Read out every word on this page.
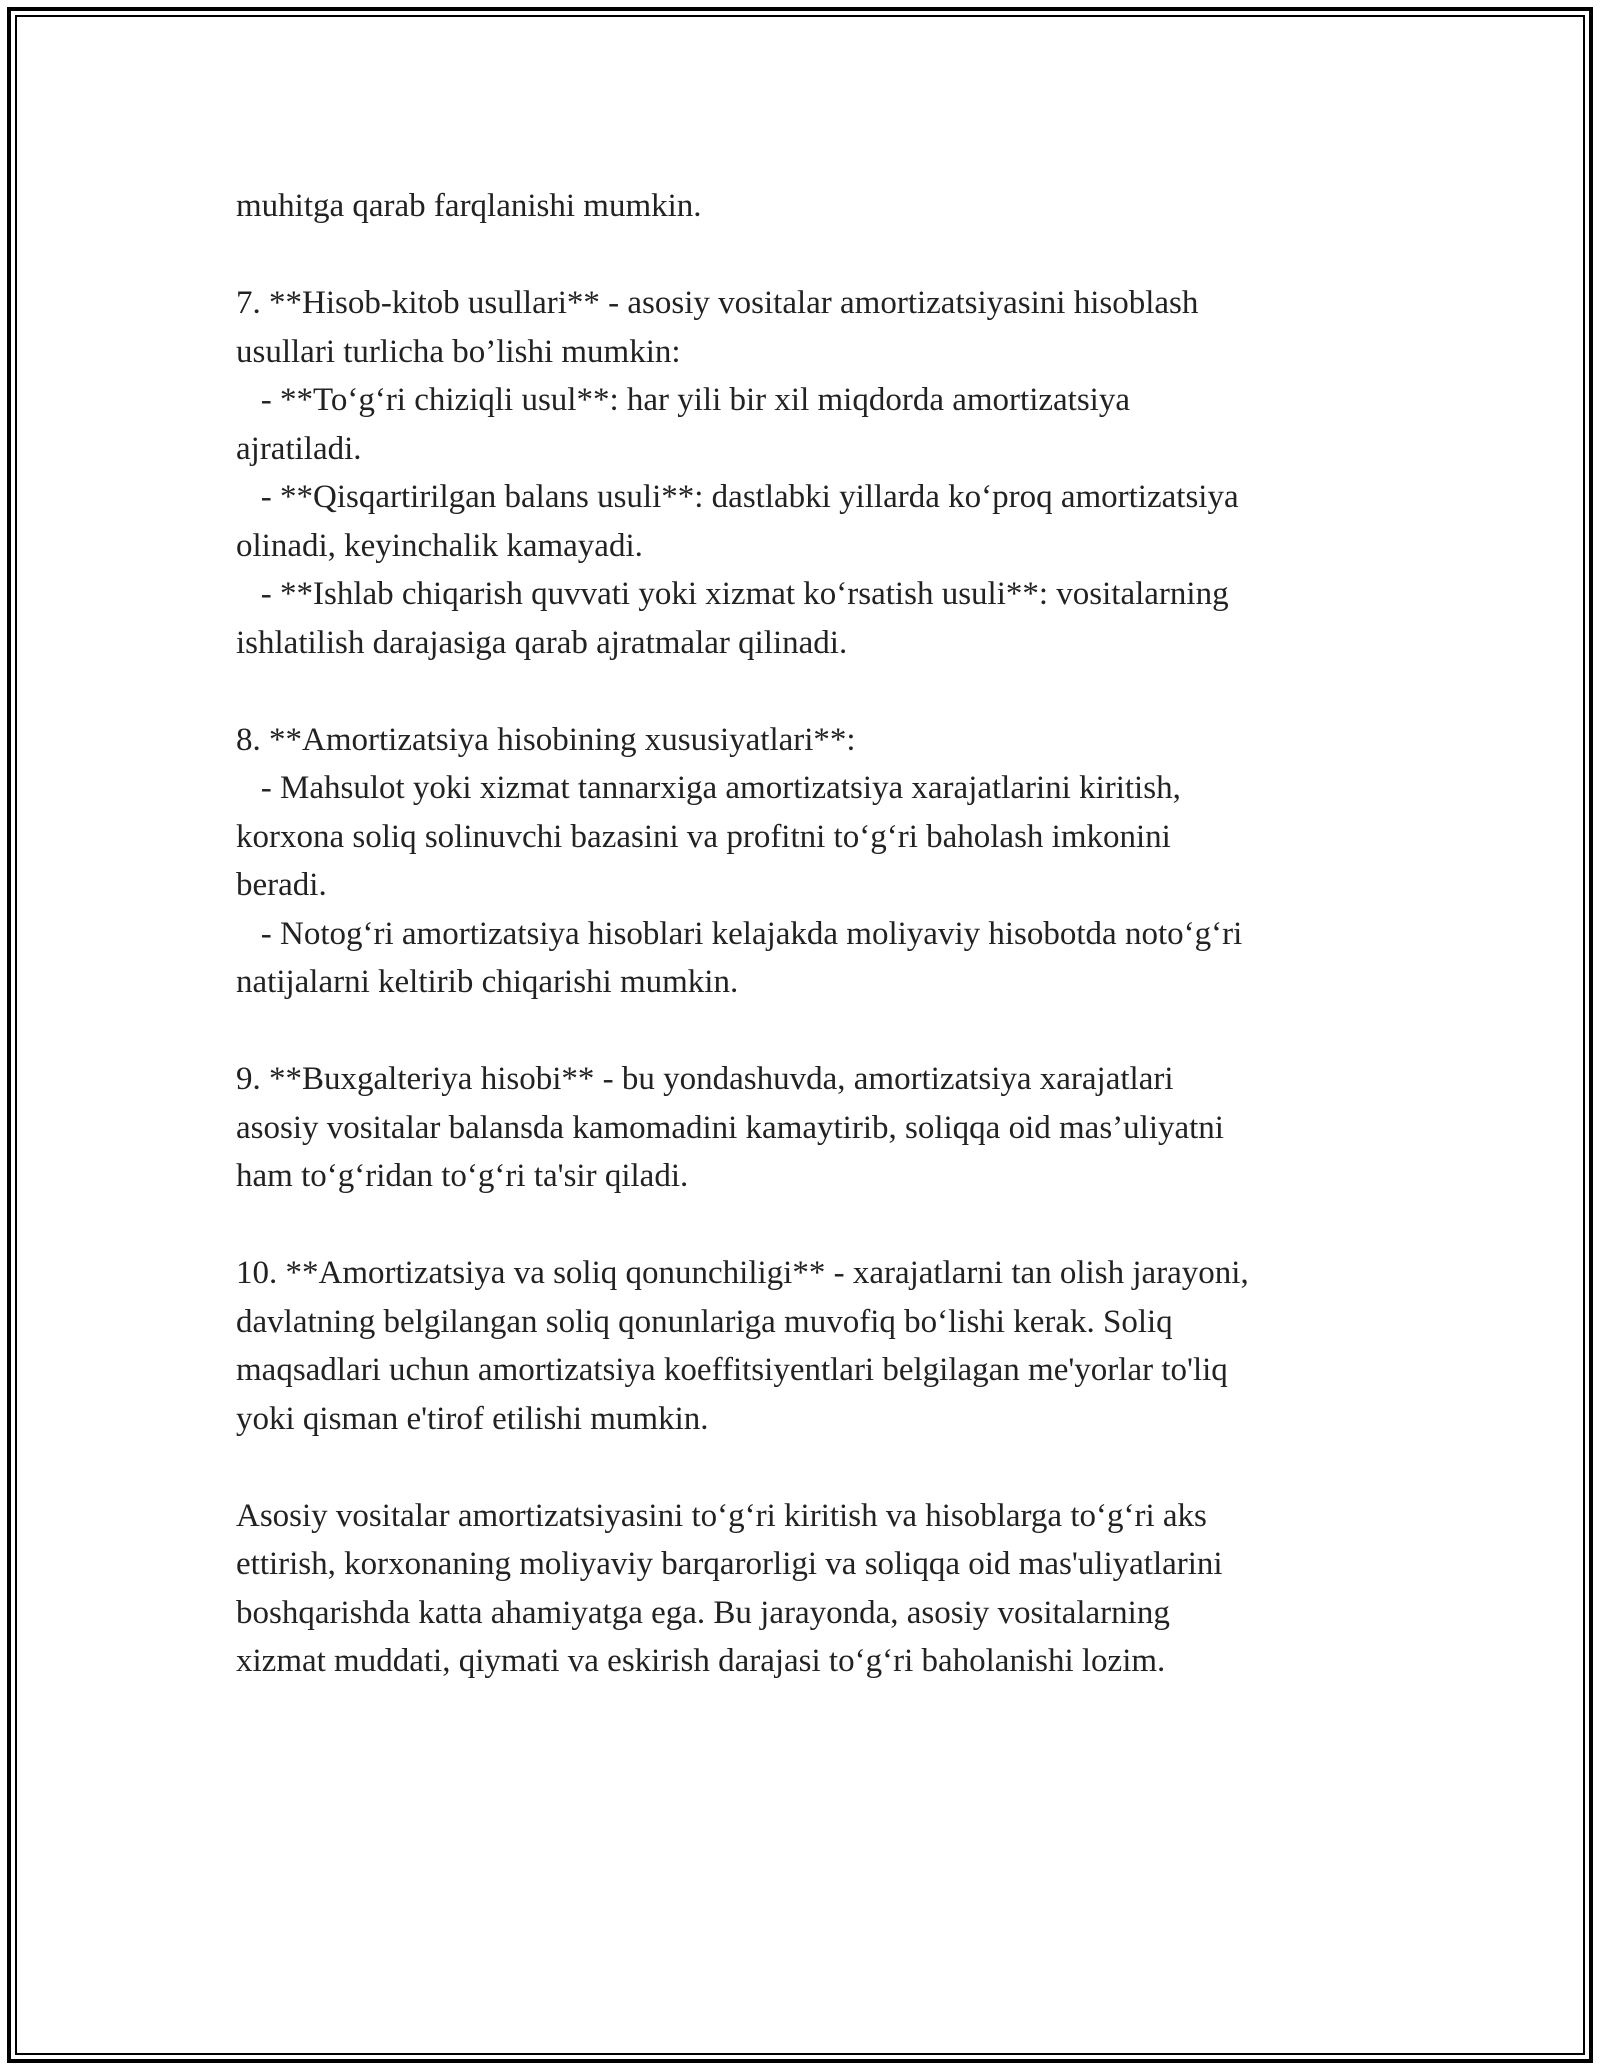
muhitga qarab farqlanishi mumkin.
7. **Hisob-kitob usullari** - asosiy vositalar amortizatsiyasini hisoblash
usullari turlicha bo’lishi mumkin:
- **To‘g‘ri chiziqli usul**: har yili bir xil miqdorda amortizatsiya
ajratiladi.
- **Qisqartirilgan balans usuli**: dastlabki yillarda ko‘proq amortizatsiya
olinadi, keyinchalik kamayadi.
- **Ishlab chiqarish quvvati yoki xizmat ko‘rsatish usuli**: vositalarning
ishlatilish darajasiga qarab ajratmalar qilinadi.
8. **Amortizatsiya hisobining xususiyatlari**:
- Mahsulot yoki xizmat tannarxiga amortizatsiya xarajatlarini kiritish,
korxona soliq solinuvchi bazasini va profitni to‘g‘ri baholash imkonini
beradi.
- Notog‘ri amortizatsiya hisoblari kelajakda moliyaviy hisobotda noto‘g‘ri
natijalarni keltirib chiqarishi mumkin.
9. **Buxgalteriya hisobi** - bu yondashuvda, amortizatsiya xarajatlari
asosiy vositalar balansda kamomadini kamaytirib, soliqqa oid mas’uliyatni
ham to‘g‘ridan to‘g‘ri ta'sir qiladi.
10. **Amortizatsiya va soliq qonunchiligi** - xarajatlarni tan olish jarayoni,
davlatning belgilangan soliq qonunlariga muvofiq bo‘lishi kerak. Soliq
maqsadlari uchun amortizatsiya koeffitsiyentlari belgilagan me'yorlar to'liq
yoki qisman e'tirof etilishi mumkin.
Asosiy vositalar amortizatsiyasini to‘g‘ri kiritish va hisoblarga to‘g‘ri aks
ettirish, korxonaning moliyaviy barqarorligi va soliqqa oid mas'uliyatlarini
boshqarishda katta ahamiyatga ega. Bu jarayonda, asosiy vositalarning
xizmat muddati, qiymati va eskirish darajasi to‘g‘ri baholanishi lozim.
